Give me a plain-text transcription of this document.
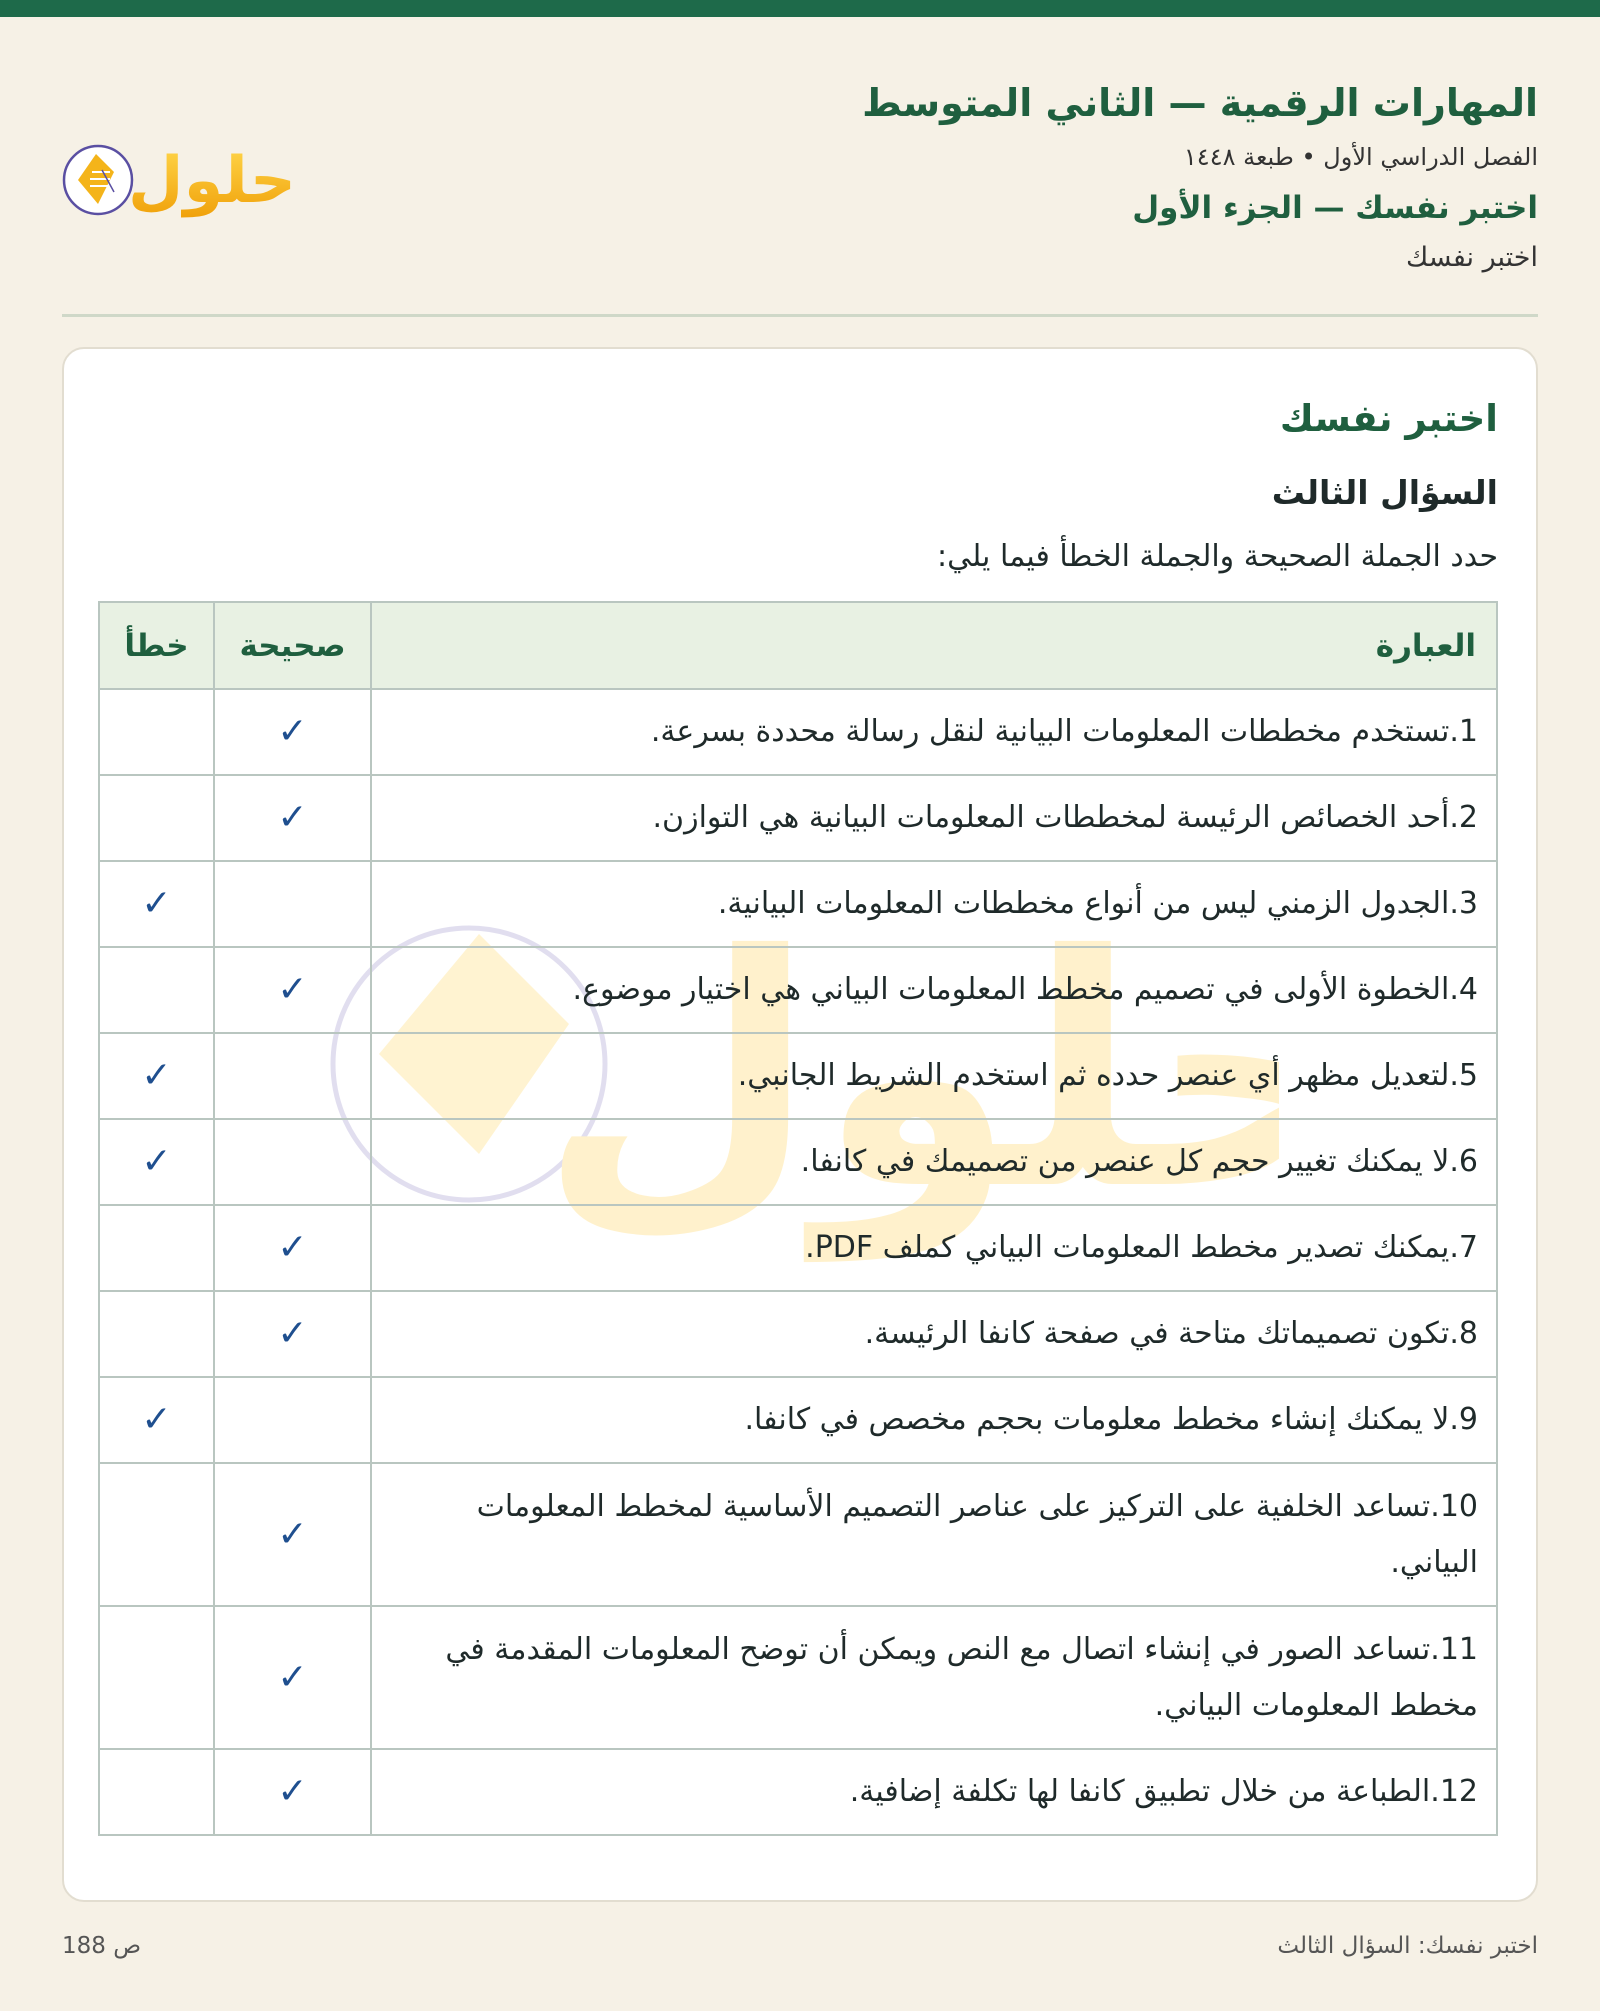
المهارات الرقمية — الثاني المتوسط
الفصل الدراسي الأول • طبعة ١٤٤٨
اختبر نفسك — الجزء الأول
اختبر نفسك
حلول
لول
اختبر نفسك
السؤال الثالث
حدد الجملة الصحيحة والجملة الخطأ فيما يلي:
العبارة	صحيحة	خطأ
1.تستخدم مخططات المعلومات البيانية لنقل رسالة محددة بسرعة.	✓	
2.أحد الخصائص الرئيسة لمخططات المعلومات البيانية هي التوازن.	✓	
3.الجدول الزمني ليس من أنواع مخططات المعلومات البيانية.		✓
4.الخطوة الأولى في تصميم مخطط المعلومات البياني هي اختيار موضوع.	✓	
5.لتعديل مظهر أي عنصر حدده ثم استخدم الشريط الجانبي.		✓
6.لا يمكنك تغيير حجم كل عنصر من تصميمك في كانفا.		✓
7.يمكنك تصدير مخطط المعلومات البياني كملف PDF.	✓	
8.تكون تصميماتك متاحة في صفحة كانفا الرئيسة.	✓	
9.لا يمكنك إنشاء مخطط معلومات بحجم مخصص في كانفا.		✓
10.تساعد الخلفية على التركيز على عناصر التصميم الأساسية لمخطط المعلومات البياني.	✓	
11.تساعد الصور في إنشاء اتصال مع النص ويمكن أن توضح المعلومات المقدمة في مخطط المعلومات البياني.	✓	
12.الطباعة من خلال تطبيق كانفا لها تكلفة إضافية.	✓	
اختبر نفسك: السؤال الثالث
ص 188
